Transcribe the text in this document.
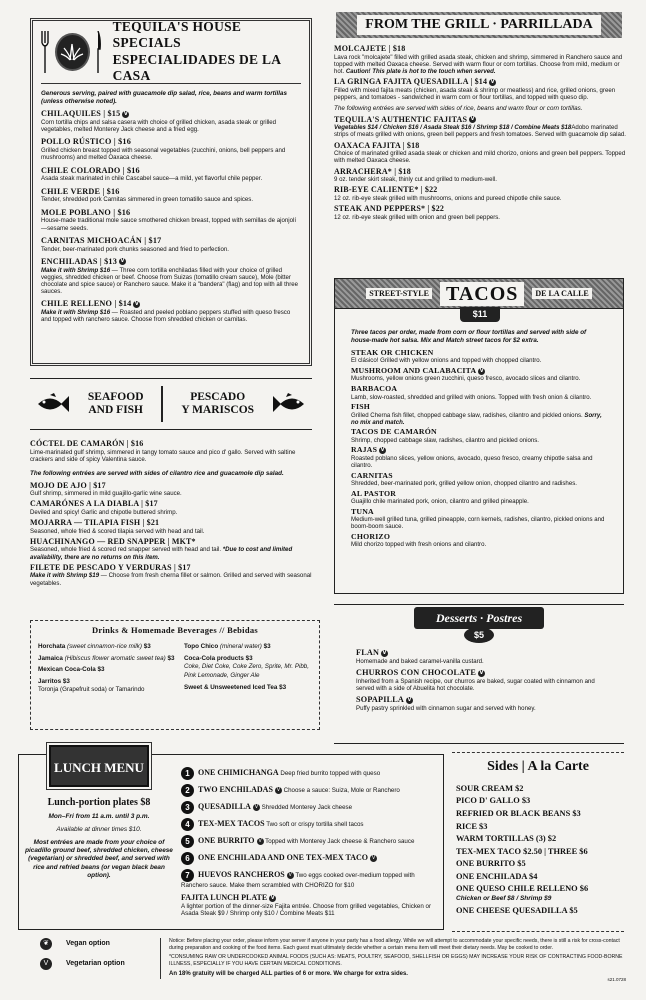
TEQUILA'S HOUSE SPECIALS
ESPECIALIDADES DE LA CASA
Generous serving, paired with guacamole dip salad, rice, beans and warm tortillas (unless otherwise noted).
CHILAQUILES | $15 V
Corn tortilla chips and salsa casera with choice of grilled chicken, asada steak or grilled vegetables, melted Monterey Jack cheese and a fried egg.
POLLO RÚSTICO | $16
Grilled chicken breast topped with seasonal vegetables (zucchini, onions, bell peppers and mushrooms) and melted Oaxaca cheese.
CHILE COLORADO | $16
Asada steak marinated in chile Cascabel sauce—a mild, yet flavorful chile pepper.
CHILE VERDE | $16
Tender, shredded pork Carnitas simmered in green tomatillo sauce and spices.
MOLE POBLANO | $16
House-made traditional mole sauce smothered chicken breast, topped with semillas de ajonjolí—sesame seeds.
CARNITAS MICHOACÁN | $17
Tender, beer-marinated pork chunks seasoned and fried to perfection.
ENCHILADAS | $13 V
Make it with Shrimp $16 — Three corn tortilla enchiladas filled with your choice of grilled veggies, shredded chicken or beef. Choose from Suizas (tomatillo cream sauce), Mole (bitter chocolate and spice sauce) or Ranchero sauce. Make it a "bandera" (flag) and top with all three sauces.
CHILE RELLENO | $14 V
Make it with Shrimp $16 — Roasted and peeled poblano peppers stuffed with queso fresco and topped with ranchero sauce. Choose from shredded chicken or carnitas.
SEAFOOD
AND FISH
PESCADO
Y MARISCOS
CÓCTEL DE CAMARÓN | $16
Lime-marinated gulf shrimp, simmered in tangy tomato sauce and pico d' gallo. Served with saltine crackers and side of spicy Valentina sauce.
The following entrées are served with sides of cilantro rice and guacamole dip salad.
MOJO DE AJO | $17
Gulf shrimp, simmered in mild guajillo-garlic wine sauce.
CAMARÓNES A LA DIABLA | $17
Deviled and spicy! Garlic and chipotle buttered shrimp.
MOJARRA — TILAPIA FISH | $21
Seasoned, whole fried & scored tilapia served with head and tail.
HUACHINANGO — RED SNAPPER | MKT*
Seasoned, whole fried & scored red snapper served with head and tail. *Due to cost and limited availability, there are no returns on this item.
FILETE DE PESCADO Y VERDURAS | $17
Make it with Shrimp $19 — Choose from fresh cherna fillet or salmon. Grilled and served with seasonal vegetables.
Drinks & Homemade Beverages // Bebidas
Horchata (sweet cinnamon-rice milk) $3
Jamaica (Hibiscus flower aromatic sweet tea) $3
Mexican Coca-Cola $3
Jarritos $3
Toronja (Grapefruit soda) or Tamarindo
Topo Chico (mineral water) $3
Coca-Cola products $3
Coke, Diet Coke, Coke Zero, Sprite, Mr. Pibb, Pink Lemonade, Ginger Ale
Sweet & Unsweetened Iced Tea $3
FROM THE GRILL · PARRILLADA
MOLCAJETE | $18
Lava rock "molcajete" filled with grilled asada steak, chicken and shrimp, simmered in Ranchero sauce and topped with melted Oaxaca cheese. Served with warm flour or corn tortillas. Choose from mild, medium or hot. Caution! This plate is hot to the touch when served.
LA GRINGA FAJITA QUESADILLA | $14 V
Filled with mixed fajita meats (chicken, asada steak & shrimp or meatless) and rice, grilled onions, green peppers, and tomatoes - sandwiched in warm corn or flour tortillas, and topped with queso dip.
The following entrées are served with sides of rice, beans and warm flour or corn tortillas.
TEQUILA'S AUTHENTIC FAJITAS V
Vegetables $14 / Chicken $16 / Asada Steak $16 / Shrimp $18 / Combine Meats $18Adobo marinated strips of meats grilled with onions, green bell peppers and fresh tomatoes. Served with guacamole dip salad.
OAXACA FAJITA | $18
Choice of marinated grilled asada steak or chicken and mild chorizo, onions and green bell peppers. Topped with melted Oaxaca cheese.
ARRACHERA* | $18
9 oz. tender skirt steak, thinly cut and grilled to medium-well.
RIB-EYE CALIENTE* | $22
12 oz. rib-eye steak grilled with mushrooms, onions and pureed chipotle chile sauce.
STEAK AND PEPPERS* | $22
12 oz. rib-eye steak grilled with onion and green bell peppers.
STREET-STYLE TACOS	DE LA CALLE
$11
Three tacos per order, made from corn or flour tortillas and served with side of house-made hot salsa. Mix and Match street tacos for $2 extra.
STEAK OR CHICKEN
El clásico! Grilled with yellow onions and topped with chopped cilantro.
MUSHROOM AND CALABACITA V
Mushrooms, yellow onions green zucchini, queso fresco, avocado slices and cilantro.
BARBACOA
Lamb, slow-roasted, shredded and grilled with onions. Topped with fresh onion & cilantro.
FISH
Grilled Cherna fish fillet, chopped cabbage slaw, radishes, cilantro and pickled onions. Sorry, no mix and match.
TACOS DE CAMARÓN
Shrimp, chopped cabbage slaw, radishes, cilantro and pickled onions.
RAJAS V
Roasted poblano slices, yellow onions, avocado, queso fresco, creamy chipotle salsa and cilantro.
CARNITAS
Shredded, beer-marinated pork, grilled yellow onion, chopped cilantro and radishes.
AL PASTOR
Guajillo chile marinated pork, onion, cilantro and grilled pineapple.
TUNA
Medium-well grilled tuna, grilled pineapple, corn kernels, radishes, cilantro, pickled onions and boom-boom sauce.
CHORIZO
Mild chorizo topped with fresh onions and cilantro.
Desserts · Postres
$5
FLAN V
Homemade and baked caramel-vanilla custard.
CHURROS CON CHOCOLATE V
Inherited from a Spanish recipe, our churros are baked, sugar coated with cinnamon and served with a side of Abuelita hot chocolate.
SOPAPILLA V
Puffy pastry sprinkled with cinnamon sugar and served with honey.
LUNCH MENU
Lunch-portion plates $8
Mon–Fri from 11 a.m. until 3 p.m.
Available at dinner times $10.
Most entrées are made from your choice of picadillo ground beef, shredded chicken, cheese (vegetarian) or shredded beef, and served with rice and refried beans (or vegan black bean option).
1 ONE CHIMICHANGA Deep fried burrito topped with queso
2 TWO ENCHILADAS V Choose a sauce: Suiza, Mole or Ranchero
3 QUESADILLA V Shredded Monterey Jack cheese
4 TEX-MEX TACOS Two soft or crispy tortilla shell tacos
5 ONE BURRITO V Topped with Monterey Jack cheese & Ranchero sauce
6 ONE ENCHILADA AND ONE TEX-MEX TACO V
7 HUEVOS RANCHEROS V Two eggs cooked over-medium topped with Ranchero sauce. Make them scrambled with CHORIZO for $10
FAJITA LUNCH PLATE V
A lighter portion of the dinner-size Fajita entrée. Choose from grilled vegetables, Chicken or Asada Steak $9 / Shrimp only $10 / Combine Meats $11
Sides | A la Carte
SOUR CREAM $2
PICO D' GALLO $3
REFRIED OR BLACK BEANS $3
RICE $3
WARM TORTILLAS (3) $2
TEX-MEX TACO $2.50 | THREE $6
ONE BURRITO $5
ONE ENCHILADA $4
ONE QUESO CHILE RELLENO $6
Chicken or Beef $8 / Shrimp $9
ONE CHEESE QUESADILLA $5
❦	Vegan option
V	Vegetarian option
Notice: Before placing your order, please inform your server if anyone in your party has a food allergy. While we will attempt to accommodate your specific needs, there is still a risk for cross-contact during preparation and cooking of the food items. Each guest must ultimately decide whether a certain menu item will meet their dietary needs. May be cooked to order.
*CONSUMING RAW OR UNDERCOOKED ANIMAL FOODS (SUCH AS: MEATS, POULTRY, SEAFOOD, SHELLFISH OR EGGS) MAY INCREASE YOUR RISK OF CONTRACTING FOOD-BORNE ILLNESS, ESPECIALLY IF YOU HAVE CERTAIN MEDICAL CONDITIONS.
An 18% gratuity will be charged ALL parties of 6 or more. We charge for extra sides.
s21.0728
